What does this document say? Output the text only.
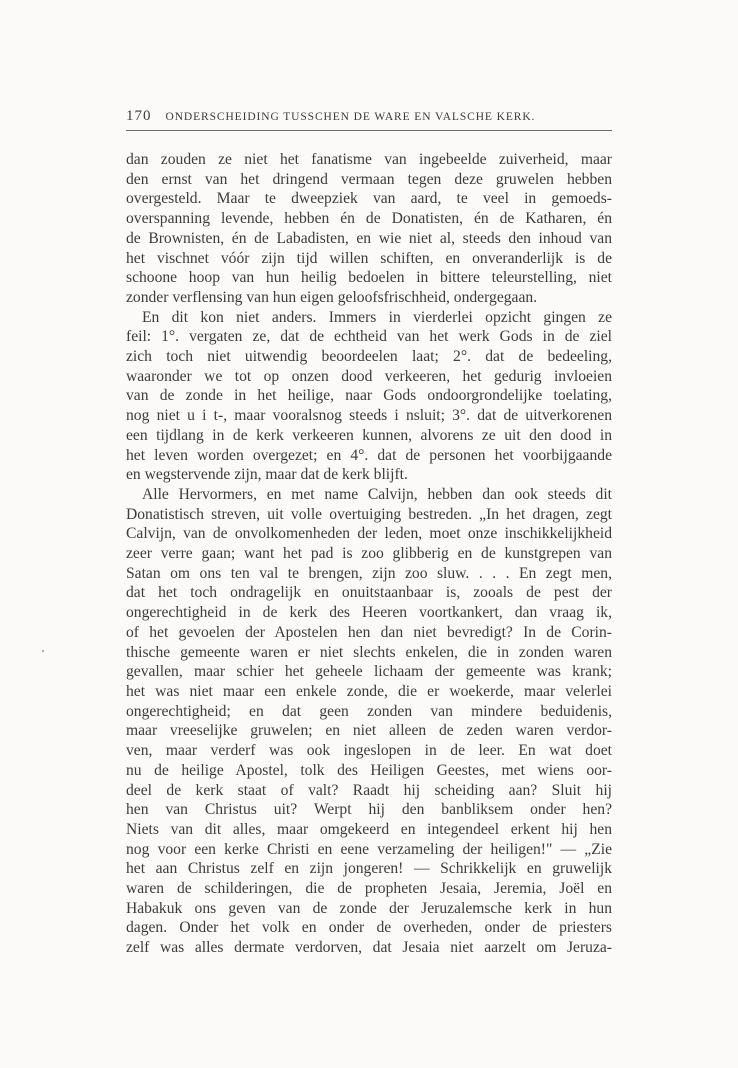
170 ONDERSCHEIDING TUSSCHEN DE WARE EN VALSCHE KERK.

dan zouden ze niet het fanatisme van ingebeelde zuiverheid, maar
den ernst van het dringend vermaan tegen deze gruwelen hebben
overgesteld. Maar te dweepziek van aard, te veel in gemoeds-
overspanning levende, hebben én de Donatisten, én de Katharen, én
de Brownisten, én de Labadisten, en wie niet al, steeds den inhoud van
het vischnet vóór zijn tijd willen schiften, en onveranderlijk is de
schoone hoop van hun heilig bedoelen in bittere teleurstelling, niet
zonder verflensing van hun eigen geloofsfrischheid, ondergegaan.

En dit kon niet anders. Immers in vierderlei opzicht gingen ze
feil: 1°. vergaten ze, dat de echtheid van het werk Gods in de ziel
zich toch niet uitwendig beoordeelen laat; 2°. dat de bedeeling,
waaronder we tot op onzen dood verkeeren, het gedurig invloeien
van de zonde in het heilige, naar Gods ondoorgrondelijke toelating,
nog niet u i t-, maar vooralsnog steeds i nsluit; 3°. dat de uitverkorenen
een tijdlang in de kerk verkeeren kunnen, alvorens ze uit den dood in
het leven worden overgezet; en 4°. dat de personen het voorbijgaande
en wegstervende zijn, maar dat de kerk blijft.

Alle Hervormers, en met name Calvijn, hebben dan ook steeds dit
Donatistisch streven, uit volle overtuiging bestreden. „In het dragen, zegt
Calvijn, van de onvolkomenheden der leden, moet onze inschikkelijkheid
zeer verre gaan; want het pad is zoo glibberig en de kunstgrepen van
Satan om ons ten val te brengen, zijn zoo sluw. . . . En zegt men,
dat het toch ondragelijk en onuitstaanbaar is, zooals de pest der
ongerechtigheid in de kerk des Heeren voortkankert, dan vraag ik,
of het gevoelen der Apostelen hen dan niet bevredigt? In de Corin-
thische gemeente waren er niet slechts enkelen, die in zonden waren
gevallen, maar schier het geheele lichaam der gemeente was krank;
het was niet maar een enkele zonde, die er woekerde, maar velerlei
ongerechtigheid; en dat geen zonden van mindere beduidenis,
maar vreeselijke gruwelen; en niet alleen de zeden waren verdor-
ven, maar verderf was ook ingeslopen in de leer. En wat doet
nu de heilige Apostel, tolk des Heiligen Geestes, met wiens oor-
deel de kerk staat of valt? Raadt hij scheiding aan? Sluit hij
hen van Christus uit? Werpt hij den banbliksem onder hen?
Niets van dit alles, maar omgekeerd en integendeel erkent hij hen
nog voor een kerke Christi en eene verzameling der heiligen!" — „Zie
het aan Christus zelf en zijn jongeren! — Schrikkelijk en gruwelijk
waren de schilderingen, die de propheten Jesaia, Jeremia, Joël en
Habakuk ons geven van de zonde der Jeruzalemsche kerk in hun
dagen. Onder het volk en onder de overheden, onder de priesters
zelf was alles dermate verdorven, dat Jesaia niet aarzelt om Jeruza-
